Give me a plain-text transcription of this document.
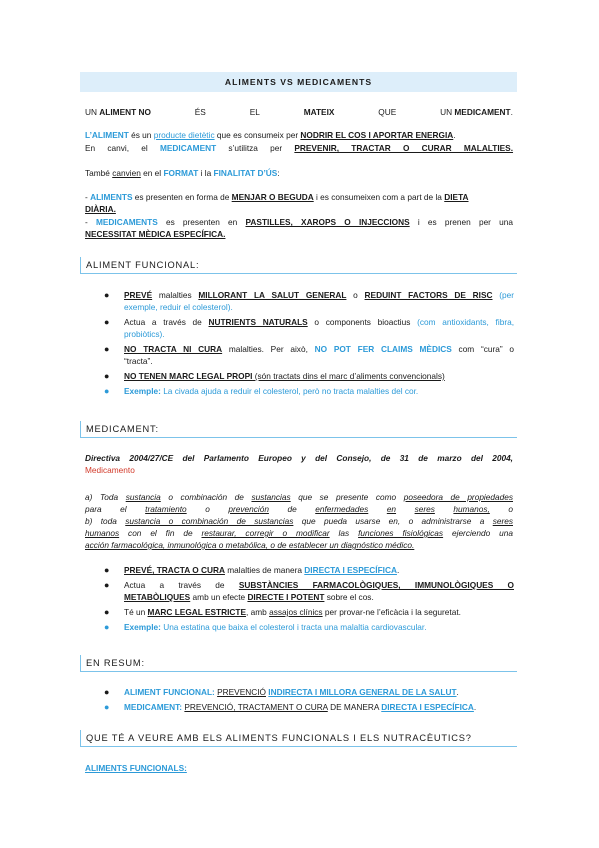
ALIMENTS VS MEDICAMENTS
UN ALIMENT NO	ÉS	EL	MATEIX	QUE	UN MEDICAMENT.
L’ALIMENT és un producte dietètic que es consumeix per NODRIR EL COS I APORTAR ENERGIA.
En canvi, el MEDICAMENT s’utilitza per PREVENIR, TRACTAR O CURAR MALALTIES.
També canvien en el FORMAT i la FINALITAT D’ÚS:
- ALIMENTS es presenten en forma de MENJAR O BEGUDA i es consumeixen com a part de la DIETA
DIÀRIA.
- MEDICAMENTS es presenten en PASTILLES, XAROPS O INJECCIONS i es prenen per una
NECESSITAT MÈDICA ESPECÍFICA.
ALIMENT FUNCIONAL:
● PREVÉ malalties MILLORANT LA SALUT GENERAL o REDUINT FACTORS DE RISC (per
exemple, reduir el colesterol).
● Actua a través de NUTRIENTS NATURALS o components bioactius (com antioxidants, fibra,
probiòtics).
● NO TRACTA NI CURA malalties. Per això, NO POT FER CLAIMS MÈDICS com “cura” o
“tracta”.
● NO TENEN MARC LEGAL PROPI (són tractats dins el marc d’aliments convencionals)
● Exemple: La civada ajuda a reduir el colesterol, però no tracta malalties del cor.
MEDICAMENT:
Directiva 2004/27/CE del Parlamento Europeo y del Consejo, de 31 de marzo del 2004,
Medicamento
a) Toda sustancia o combinación de sustancias que se presente como poseedora de propiedades
para el tratamiento o prevención de enfermedades en seres humanos, o
b) toda sustancia o combinación de sustancias que pueda usarse en, o administrarse a seres
humanos con el fin de restaurar, corregir o modificar las funciones fisiológicas ejerciendo una
acción farmacológica, inmunológica o metabólica, o de establecer un diagnóstico médico.
● PREVÉ, TRACTA O CURA malalties de manera DIRECTA I ESPECÍFICA.
● Actua a través de SUBSTÀNCIES FARMACOLÒGIQUES, IMMUNOLÒGIQUES O
METABÒLIQUES amb un efecte DIRECTE I POTENT sobre el cos.
● Té un MARC LEGAL ESTRICTE, amb assajos clínics per provar-ne l’eficàcia i la seguretat.
● Exemple: Una estatina que baixa el colesterol i tracta una malaltia cardiovascular.
EN RESUM:
● ALIMENT FUNCIONAL: PREVENCIÓ INDIRECTA I MILLORA GENERAL DE LA SALUT.
● MEDICAMENT: PREVENCIÓ, TRACTAMENT O CURA DE MANERA DIRECTA I ESPECÍFICA.
QUE TÉ A VEURE AMB ELS ALIMENTS FUNCIONALS I ELS NUTRACÈUTICS?
ALIMENTS FUNCIONALS:
